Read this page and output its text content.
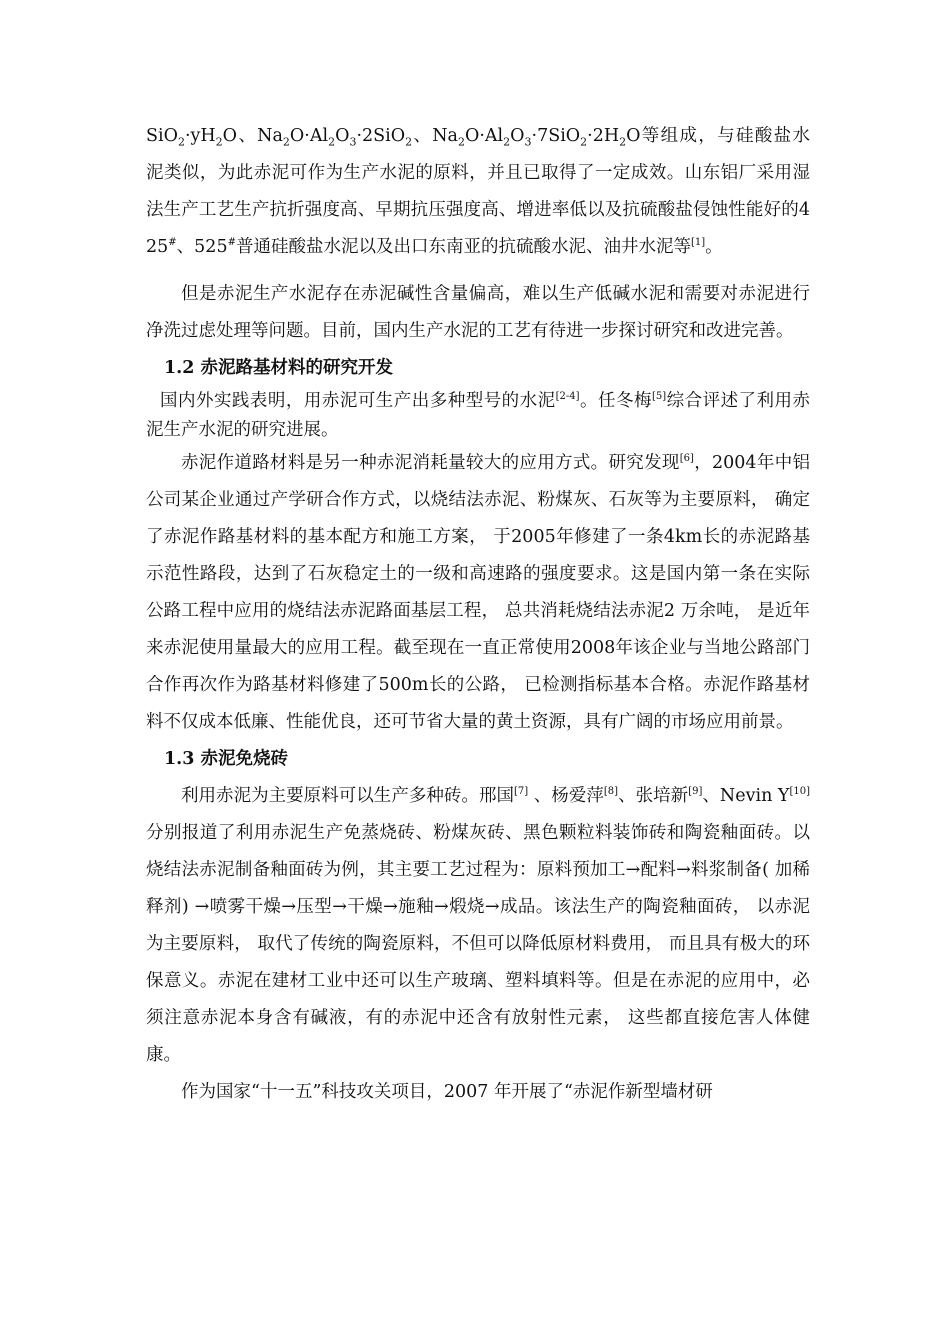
$SiO_2\cdot yH_2O$、$Na_2O\cdot Al_2O_3\cdot 2SiO_2$、$Na_2O\cdot Al_2O_3\cdot 7SiO_2\cdot 2H_2O$等组成，与硅酸盐水泥类似，为此赤泥可作为生产水泥的原料，并且已取得了一定成效。山东铝厂采用湿法生产工艺生产抗折强度高、早期抗压强度高、增进率低以及抗硫酸盐侵蚀性能好的425#、525#普通硅酸盐水泥以及出口东南亚的抗硫酸水泥、油井水泥等[1]。

但是赤泥生产水泥存在赤泥碱性含量偏高，难以生产低碱水泥和需要对赤泥进行净洗过虑处理等问题。目前，国内生产水泥的工艺有待进一步探讨研究和改进完善。

1.2 赤泥路基材料的研究开发

国内外实践表明，用赤泥可生产出多种型号的水泥[2-4]。任冬梅[5]综合评述了利用赤泥生产水泥的研究进展。

赤泥作道路材料是另一种赤泥消耗量较大的应用方式。研究发现[6]，2004年中铝公司某企业通过产学研合作方式，以烧结法赤泥、粉煤灰、石灰等为主要原料， 确定了赤泥作路基材料的基本配方和施工方案， 于2005年修建了一条4km长的赤泥路基示范性路段，达到了石灰稳定土的一级和高速路的强度要求。这是国内第一条在实际公路工程中应用的烧结法赤泥路面基层工程， 总共消耗烧结法赤泥2 万余吨， 是近年来赤泥使用量最大的应用工程。截至现在一直正常使用2008年该企业与当地公路部门合作再次作为路基材料修建了500m长的公路， 已检测指标基本合格。赤泥作路基材料不仅成本低廉、性能优良，还可节省大量的黄土资源，具有广阔的市场应用前景。

1.3 赤泥免烧砖

利用赤泥为主要原料可以生产多种砖。邢国[7] 、杨爱萍[8]、张培新[9]、Nevin Y[10]分别报道了利用赤泥生产免蒸烧砖、粉煤灰砖、黑色颗粒料装饰砖和陶瓷釉面砖。以烧结法赤泥制备釉面砖为例，其主要工艺过程为：原料预加工→配料→料浆制备( 加稀释剂) →喷雾干燥→压型→干燥→施釉→煅烧→成品。该法生产的陶瓷釉面砖， 以赤泥为主要原料， 取代了传统的陶瓷原料，不但可以降低原材料费用， 而且具有极大的环保意义。赤泥在建材工业中还可以生产玻璃、塑料填料等。但是在赤泥的应用中，必须注意赤泥本身含有碱液，有的赤泥中还含有放射性元素， 这些都直接危害人体健康。

作为国家“十一五”科技攻关项目，2007 年开展了“赤泥作新型墙材研
